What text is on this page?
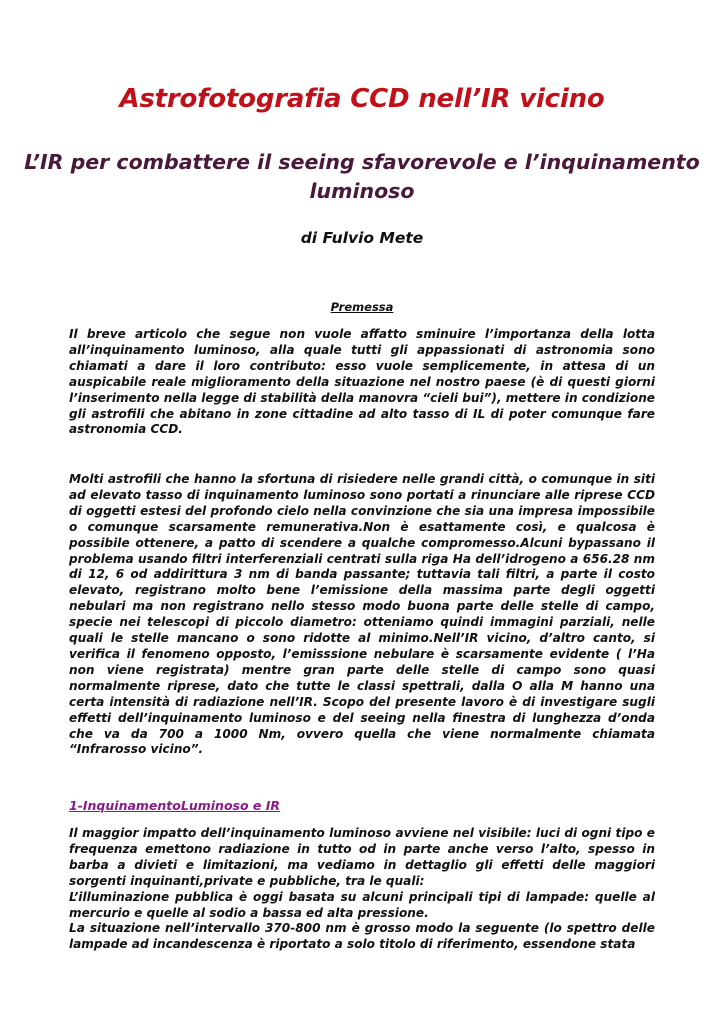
Astrofotografia CCD nell’IR vicino
L’IR per combattere il seeing sfavorevole e l’inquinamento luminoso

di Fulvio Mete

Premessa

Il breve articolo che segue non vuole affatto sminuire l’importanza della lotta all’inquinamento luminoso, alla quale tutti gli appassionati di astronomia sono chiamati a dare il loro contributo: esso vuole semplicemente, in attesa di un auspicabile reale miglioramento della situazione nel nostro paese (è di questi giorni l’inserimento nella legge di stabilità della manovra “cieli bui”), mettere in condizione gli astrofili che abitano in zone cittadine ad alto tasso di IL di poter comunque fare astronomia CCD.

Molti astrofili che hanno la sfortuna di risiedere nelle grandi città, o comunque in siti ad elevato tasso di inquinamento luminoso sono portati a rinunciare alle riprese CCD di oggetti estesi del profondo cielo nella convinzione che sia una impresa impossibile o comunque scarsamente remunerativa.Non è esattamente così, e qualcosa è possibile ottenere, a patto di scendere a qualche compromesso.Alcuni bypassano il problema usando filtri interferenziali centrati sulla riga Ha dell’idrogeno a 656.28 nm di 12, 6 od addirittura 3 nm di banda passante; tuttavia tali filtri, a parte il costo elevato, registrano molto bene l’emissione della massima parte degli oggetti nebulari ma non registrano nello stesso modo buona parte delle stelle di campo, specie nei telescopi di piccolo diametro: otteniamo quindi immagini parziali, nelle quali le stelle mancano o sono ridotte al minimo.Nell’IR vicino, d’altro canto, si verifica il fenomeno opposto, l’emisssione nebulare è scarsamente evidente ( l’Ha non viene registrata) mentre gran parte delle stelle di campo sono quasi normalmente riprese, dato che tutte le classi spettrali, dalla O alla M hanno una certa intensità di radiazione nell’IR. Scopo del presente lavoro è di investigare sugli effetti dell’inquinamento luminoso e del seeing nella finestra di lunghezza d’onda che va da 700 a 1000 Nm, ovvero quella che viene normalmente chiamata “Infrarosso vicino”.

1-InquinamentoLuminoso e IR

Il maggior impatto dell’inquinamento luminoso avviene nel visibile: luci di ogni tipo e frequenza emettono radiazione in tutto od in parte anche verso l’alto, spesso in barba a divieti e limitazioni, ma vediamo in dettaglio gli effetti delle maggiori sorgenti inquinanti,private e pubbliche, tra le quali:
L’illuminazione pubblica è oggi basata su alcuni principali tipi di lampade: quelle al mercurio e quelle al sodio a bassa ed alta pressione.
La situazione nell’intervallo 370-800 nm è grosso modo la seguente (lo spettro delle lampade ad incandescenza è riportato a solo titolo di riferimento, essendone stata
